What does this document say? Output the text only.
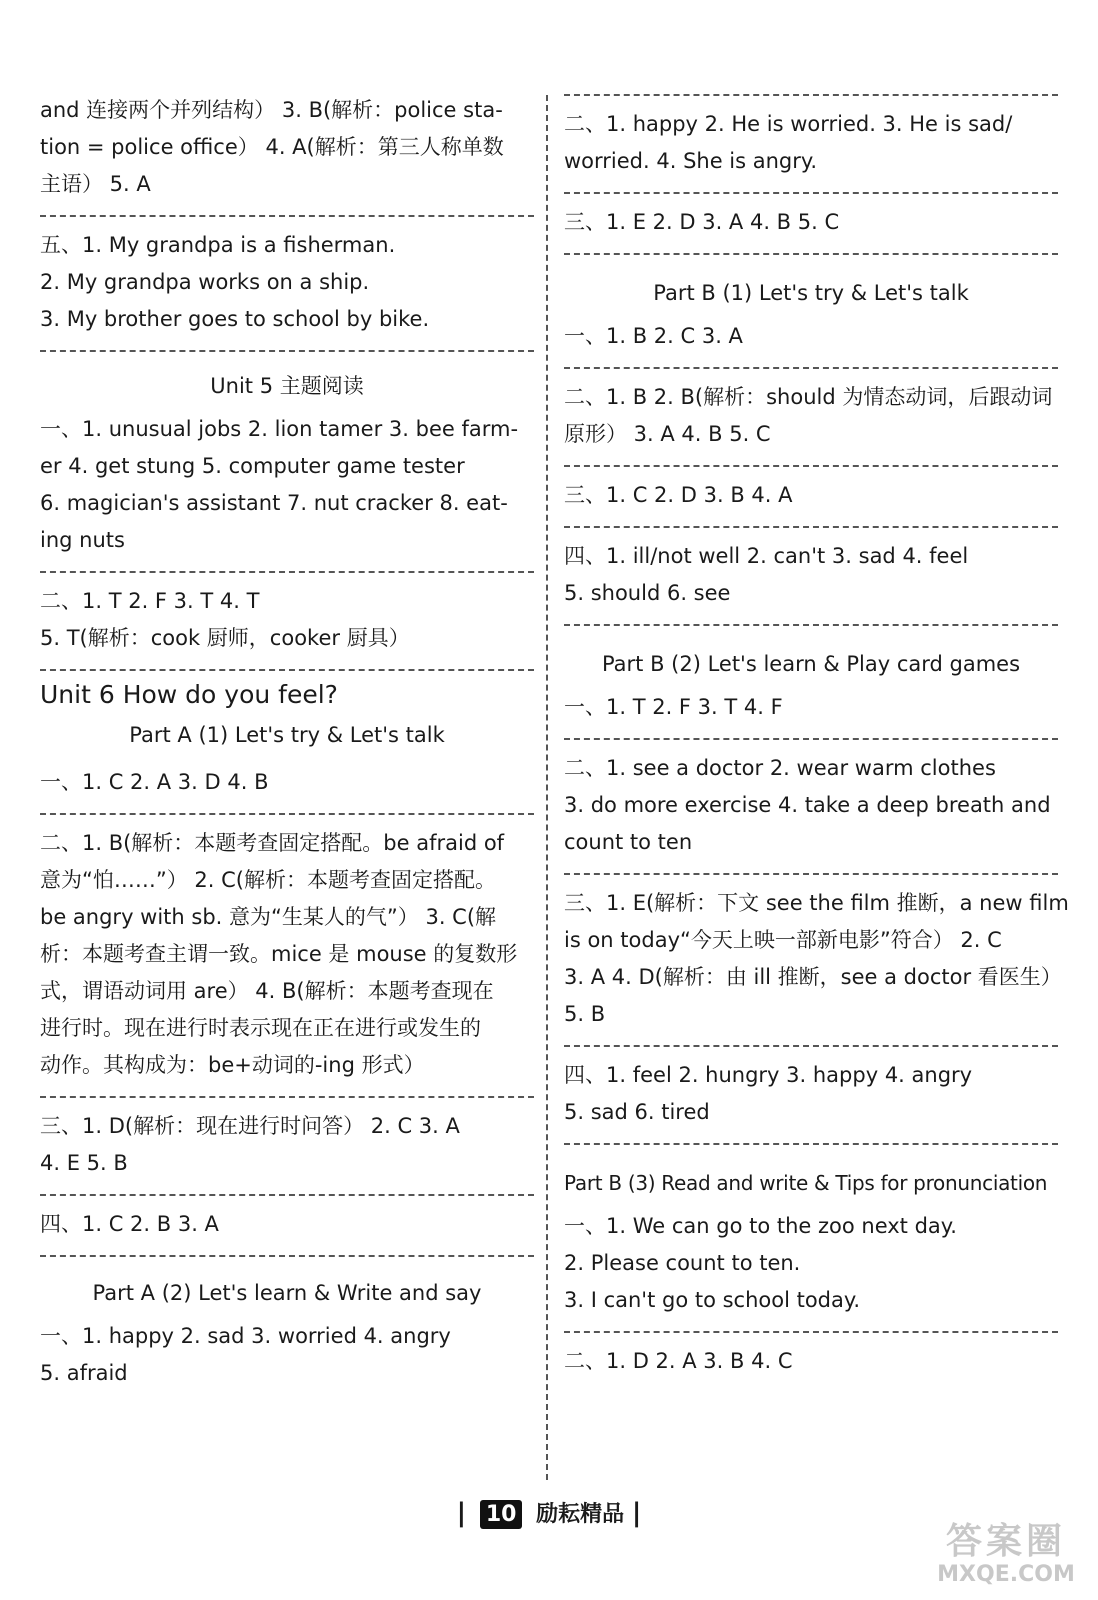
and 连接两个并列结构） 3. B(解析：police sta-
tion = police office） 4. A(解析：第三人称单数
主语） 5. A
五、1. My grandpa is a fisherman.
2. My grandpa works on a ship.
3. My brother goes to school by bike.
Unit 5 主题阅读
一、1. unusual jobs 2. lion tamer 3. bee farm-
er 4. get stung 5. computer game tester
6. magician's assistant 7. nut cracker 8. eat-
ing nuts
二、1. T 2. F 3. T 4. T
5. T(解析：cook 厨师，cooker 厨具）
Unit 6 How do you feel?
Part A (1) Let's try & Let's talk
一、1. C 2. A 3. D 4. B
二、1. B(解析：本题考查固定搭配。be afraid of
意为“怕……”） 2. C(解析：本题考查固定搭配。
be angry with sb. 意为“生某人的气”） 3. C(解
析：本题考查主谓一致。mice 是 mouse 的复数形
式，谓语动词用 are） 4. B(解析：本题考查现在
进行时。现在进行时表示现在正在进行或发生的
动作。其构成为：be+动词的-ing 形式）
三、1. D(解析：现在进行时问答） 2. C 3. A
4. E 5. B
四、1. C 2. B 3. A
Part A (2) Let's learn & Write and say
一、1. happy 2. sad 3. worried 4. angry
5. afraid
二、1. happy 2. He is worried. 3. He is sad/
worried. 4. She is angry.
三、1. E 2. D 3. A 4. B 5. C
Part B (1) Let's try & Let's talk
一、1. B 2. C 3. A
二、1. B 2. B(解析：should 为情态动词，后跟动词
原形） 3. A 4. B 5. C
三、1. C 2. D 3. B 4. A
四、1. ill/not well 2. can't 3. sad 4. feel
5. should 6. see
Part B (2) Let's learn & Play card games
一、1. T 2. F 3. T 4. F
二、1. see a doctor 2. wear warm clothes
3. do more exercise 4. take a deep breath and
count to ten
三、1. E(解析：下文 see the film 推断，a new film
is on today“今天上映一部新电影”符合） 2. C
3. A 4. D(解析：由 ill 推断，see a doctor 看医生）
5. B
四、1. feel 2. hungry 3. happy 4. angry
5. sad 6. tired
Part B (3) Read and write & Tips for pronunciation
一、1. We can go to the zoo next day.
2. Please count to ten.
3. I can't go to school today.
二、1. D 2. A 3. B 4. C
| 10 励耘精品 |
答案圈
MXQE.COM
